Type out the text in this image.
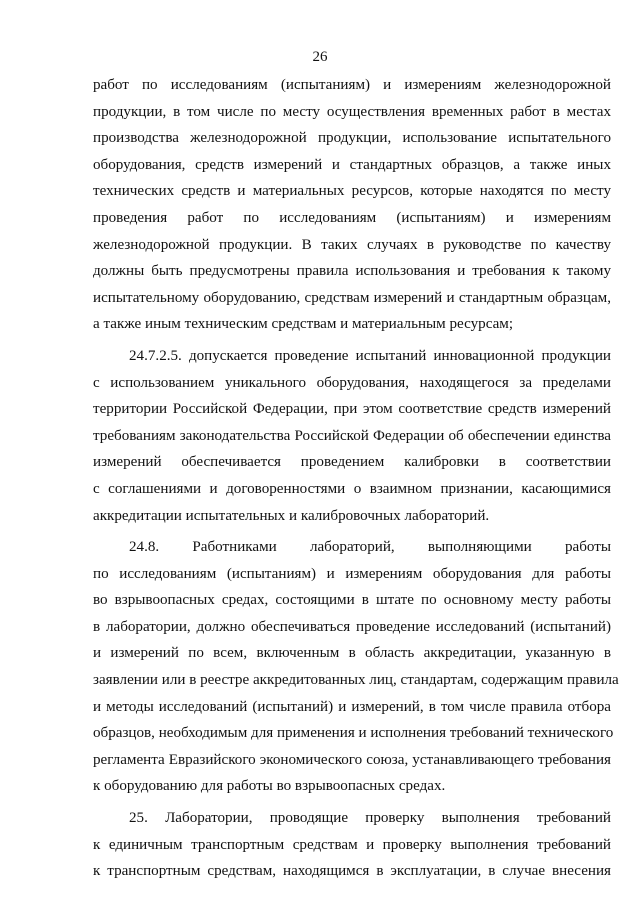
26
работ по исследованиям (испытаниям) и измерениям железнодорожной
продукции, в том числе по месту осуществления временных работ в местах
производства железнодорожной продукции, использование испытательного
оборудования, средств измерений и стандартных образцов, а также иных
технических средств и материальных ресурсов, которые находятся по месту
проведения работ по исследованиям (испытаниям) и измерениям
железнодорожной продукции. В таких случаях в руководстве по качеству
должны быть предусмотрены правила использования и требования к такому
испытательному оборудованию, средствам измерений и стандартным образцам,
а также иным техническим средствам и материальным ресурсам;
24.7.2.5. допускается проведение испытаний инновационной продукции
с использованием уникального оборудования, находящегося за пределами
территории Российской Федерации, при этом соответствие средств измерений
требованиям законодательства Российской Федерации об обеспечении единства
измерений обеспечивается проведением калибровки в соответствии
с соглашениями и договоренностями о взаимном признании, касающимися
аккредитации испытательных и калибровочных лабораторий.
24.8. Работниками лабораторий, выполняющими работы
по исследованиям (испытаниям) и измерениям оборудования для работы
во взрывоопасных средах, состоящими в штате по основному месту работы
в лаборатории, должно обеспечиваться проведение исследований (испытаний)
и измерений по всем, включенным в область аккредитации, указанную в
заявлении или в реестре аккредитованных лиц, стандартам, содержащим правила
и методы исследований (испытаний) и измерений, в том числе правила отбора
образцов, необходимым для применения и исполнения требований технического
регламента Евразийского экономического союза, устанавливающего требования
к оборудованию для работы во взрывоопасных средах.
25. Лаборатории, проводящие проверку выполнения требований
к единичным транспортным средствам и проверку выполнения требований
к транспортным средствам, находящимся в эксплуатации, в случае внесения
